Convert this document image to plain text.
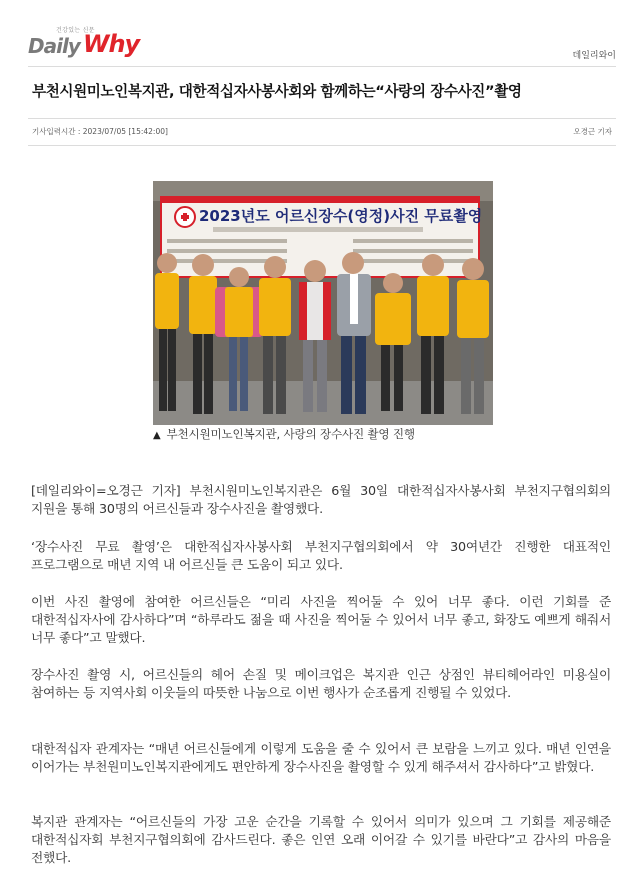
건강있는 신문
Daily Why	데일리와이
부천시원미노인복지관, 대한적십자사봉사회와 함께하는“사랑의 장수사진”촬영
기사입력시간 : 2023/07/05 [15:42:00]	오경근 기자
2023년도 어르신장수(영정)사진 무료촬영

▲ 부천시원미노인복지관, 사랑의 장수사진 촬영 진행

[데일리와이=오경근 기자] 부천시원미노인복지관은 6월 30일 대한적십자사봉사회 부천지구협의회의 지원을 통해 30명의 어르신들과 장수사진을 촬영했다.

‘장수사진 무료 촬영’은 대한적십자사봉사회 부천지구협의회에서 약 30여년간 진행한 대표적인 프로그램으로 매년 지역 내 어르신들 큰 도움이 되고 있다.

이번 사진 촬영에 참여한 어르신들은 “미리 사진을 찍어둘 수 있어 너무 좋다. 이런 기회를 준 대한적십자사에 감사하다”며 “하루라도 젊을 때 사진을 찍어둘 수 있어서 너무 좋고, 화장도 예쁘게 해줘서 너무 좋다”고 말했다.

장수사진 촬영 시, 어르신들의 헤어 손질 및 메이크업은 복지관 인근 상점인 뷰티헤어라인 미용실이 참여하는 등 지역사회 이웃들의 따뜻한 나눔으로 이번 행사가 순조롭게 진행될 수 있었다.

대한적십자 관계자는 “매년 어르신들에게 이렇게 도움을 줄 수 있어서 큰 보람을 느끼고 있다. 매년 인연을 이어가는 부천원미노인복지관에게도 편안하게 장수사진을 촬영할 수 있게 해주셔서 감사하다”고 밝혔다.

복지관 관계자는 “어르신들의 가장 고운 순간을 기록할 수 있어서 의미가 있으며 그 기회를 제공해준 대한적십자회 부천지구협의회에 감사드린다. 좋은 인연 오래 이어갈 수 있기를 바란다”고 감사의 마음을 전했다.
